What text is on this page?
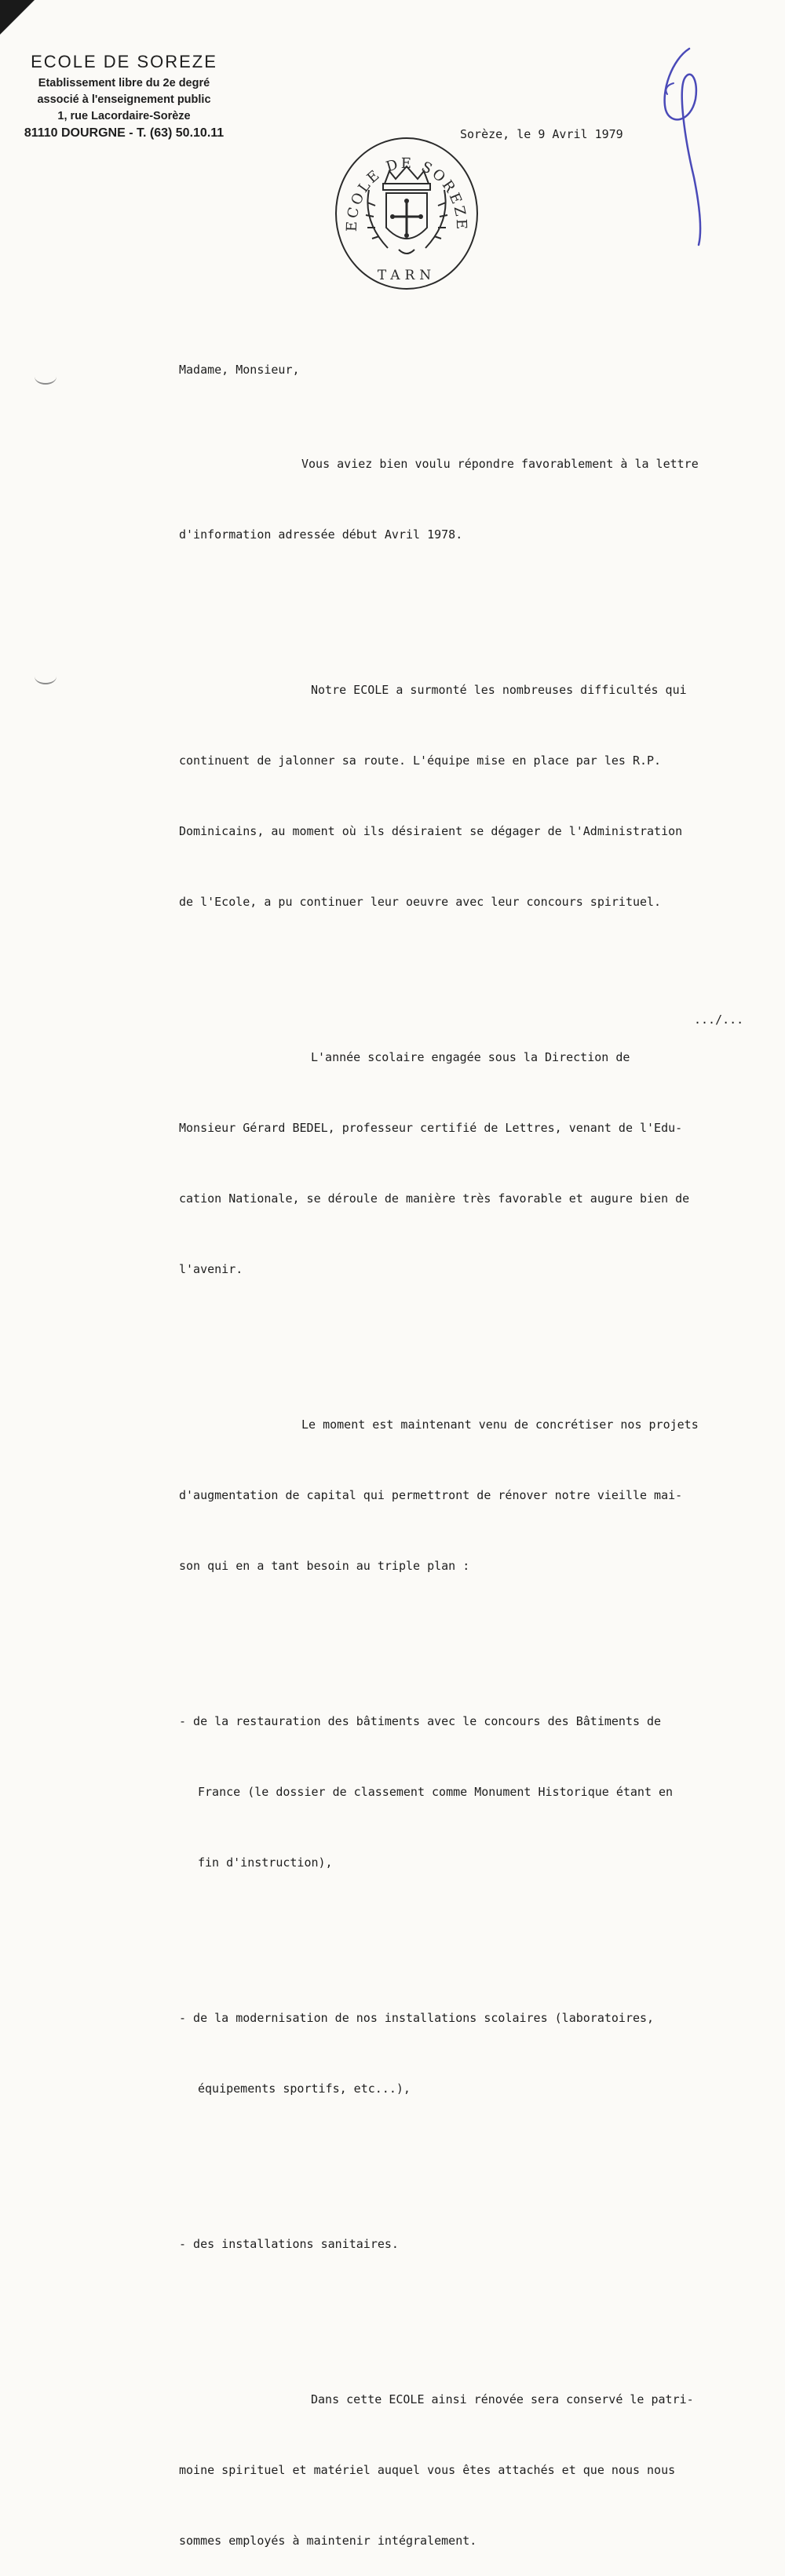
ECOLE DE SOREZE
Etablissement libre du 2e degré
associé à l'enseignement public
1, rue Lacordaire-Sorèze
81110 DOURGNE - T. (63) 50.10.11	Sorèze, le 9 Avril 1979
ECOLE DE SOREZE
TARN

Madame, Monsieur,

Vous aviez bien voulu répondre favorablement à la lettre

d'information adressée début Avril 1978.

Notre ECOLE a surmonté les nombreuses difficultés qui

continuent de jalonner sa route. L'équipe mise en place par les R.P.

Dominicains, au moment où ils désiraient se dégager de l'Administration

de l'Ecole, a pu continuer leur oeuvre avec leur concours spirituel.

L'année scolaire engagée sous la Direction de

Monsieur Gérard BEDEL, professeur certifié de Lettres, venant de l'Edu-

cation Nationale, se déroule de manière très favorable et augure bien de

l'avenir.

Le moment est maintenant venu de concrétiser nos projets

d'augmentation de capital qui permettront de rénover notre vieille mai-

son qui en a tant besoin au triple plan :

- de la restauration des bâtiments avec le concours des Bâtiments de

France (le dossier de classement comme Monument Historique étant en

fin d'instruction),

- de la modernisation de nos installations scolaires (laboratoires,

équipements sportifs, etc...),

- des installations sanitaires.

Dans cette ECOLE ainsi rénovée sera conservé le patri-

moine spirituel et matériel auquel vous êtes attachés et que nous nous

sommes employés à maintenir intégralement.

.../...
